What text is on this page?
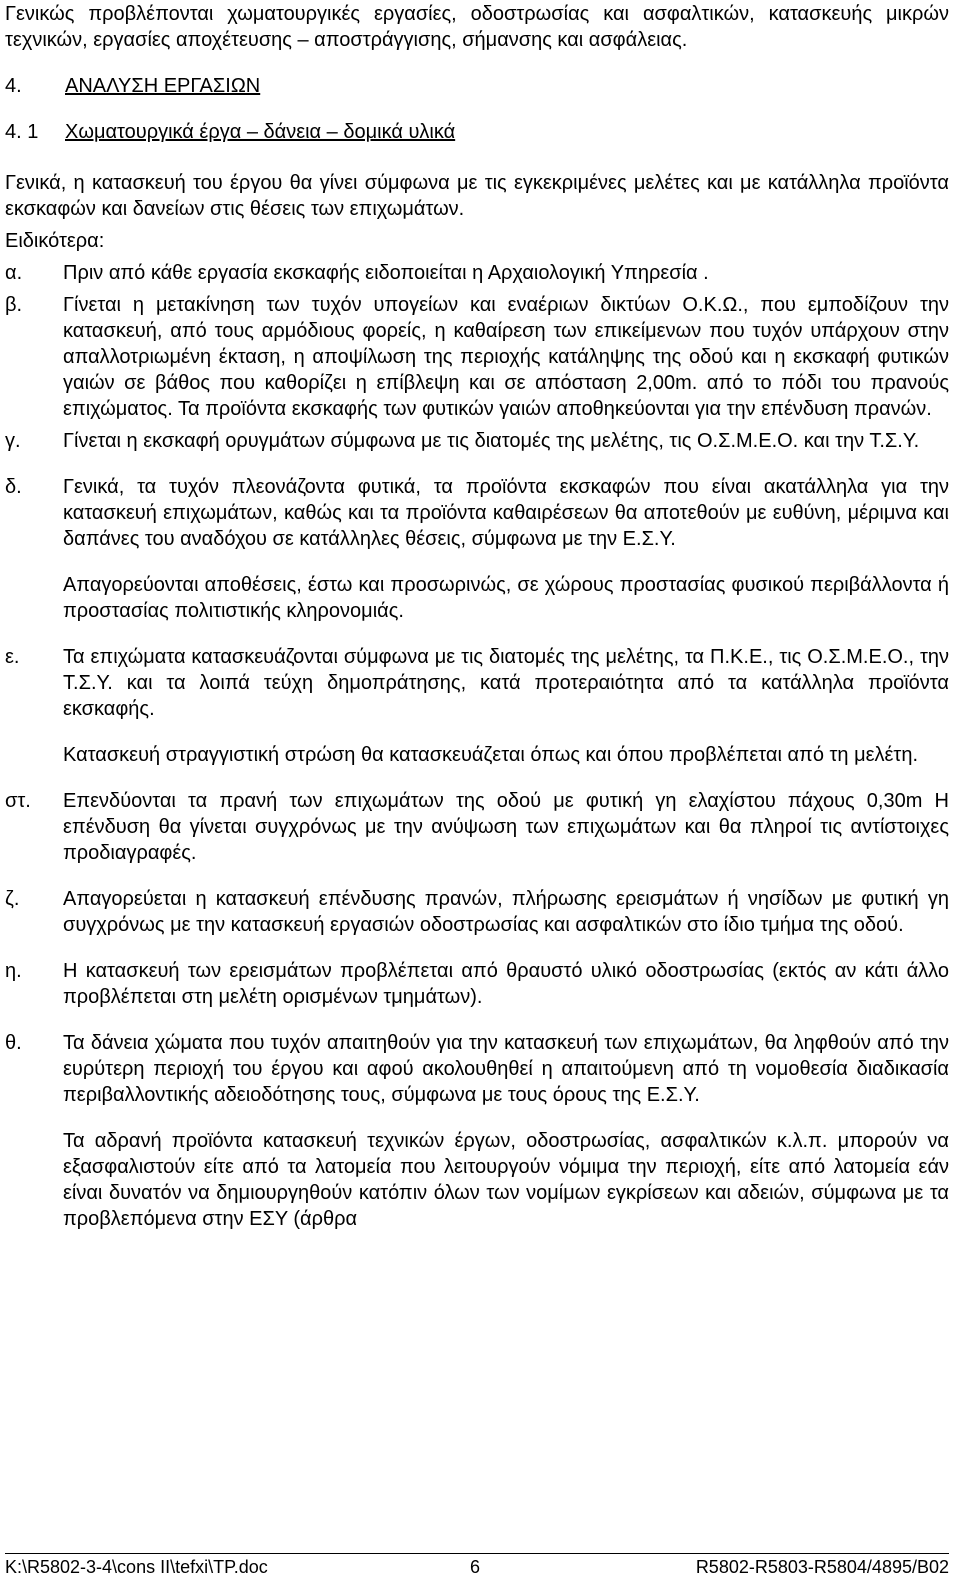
Γενικώς προβλέπονται χωματουργικές εργασίες, οδοστρωσίας και ασφαλτικών, κατασκευής μικρών τεχνικών, εργασίες αποχέτευσης – αποστράγγισης, σήμανσης και ασφάλειας.

4.	ΑΝΑΛΥΣΗ ΕΡΓΑΣΙΩΝ
4. 1	Χωματουργικά έργα – δάνεια – δομικά υλικά

Γενικά, η κατασκευή του έργου θα γίνει σύμφωνα με τις εγκεκριμένες μελέτες και με κατάλληλα προϊόντα εκσκαφών και δανείων στις θέσεις των επιχωμάτων.

Ειδικότερα:

α.	Πριν από κάθε εργασία εκσκαφής ειδοποιείται η Αρχαιολογική Υπηρεσία .
β.	Γίνεται η μετακίνηση των τυχόν υπογείων και εναέριων δικτύων Ο.Κ.Ω., που εμποδίζουν την κατασκευή, από τους αρμόδιους φορείς, η καθαίρεση των επικείμενων που τυχόν υπάρχουν στην απαλλοτριωμένη έκταση, η αποψίλωση της περιοχής κατάληψης της οδού και η εκσκαφή φυτικών γαιών σε βάθος που καθορίζει η επίβλεψη και σε απόσταση 2,00m. από το πόδι του πρανούς επιχώματος. Τα προϊόντα εκσκαφής των φυτικών γαιών αποθηκεύονται για την επένδυση πρανών.
γ.	Γίνεται η εκσκαφή ορυγμάτων σύμφωνα με τις διατομές της μελέτης, τις Ο.Σ.Μ.Ε.Ο. και την Τ.Σ.Υ.
δ.	Γενικά, τα τυχόν πλεονάζοντα φυτικά, τα προϊόντα εκσκαφών που είναι ακατάλληλα για την κατασκευή επιχωμάτων, καθώς και τα προϊόντα καθαιρέσεων θα αποτεθούν με ευθύνη, μέριμνα και δαπάνες του αναδόχου σε κατάλληλες θέσεις, σύμφωνα με την Ε.Σ.Υ.

Απαγορεύονται αποθέσεις, έστω και προσωρινώς, σε χώρους προστασίας φυσικού περιβάλλοντα ή προστασίας πολιτιστικής κληρονομιάς.

ε.	Τα επιχώματα κατασκευάζονται σύμφωνα με τις διατομές της μελέτης, τα Π.Κ.Ε., τις Ο.Σ.Μ.Ε.Ο., την Τ.Σ.Υ. και τα λοιπά τεύχη δημοπράτησης, κατά προτεραιότητα από τα κατάλληλα προϊόντα εκσκαφής.

Κατασκευή στραγγιστική στρώση θα κατασκευάζεται όπως και όπου προβλέπεται από τη μελέτη.

στ.	Επενδύονται τα πρανή των επιχωμάτων της οδού με φυτική γη ελαχίστου πάχους 0,30m Η επένδυση θα γίνεται συγχρόνως με την ανύψωση των επιχωμάτων και θα πληροί τις αντίστοιχες προδιαγραφές.
ζ.	Απαγορεύεται η κατασκευή επένδυσης πρανών, πλήρωσης ερεισμάτων ή νησίδων με φυτική γη συγχρόνως με την κατασκευή εργασιών οδοστρωσίας και ασφαλτικών στο ίδιο τμήμα της οδού.
η.	Η κατασκευή των ερεισμάτων προβλέπεται από θραυστό υλικό οδοστρωσίας (εκτός αν κάτι άλλο προβλέπεται στη μελέτη ορισμένων τμημάτων).
θ.	Τα δάνεια χώματα που τυχόν απαιτηθούν για την κατασκευή των επιχωμάτων, θα ληφθούν από την ευρύτερη περιοχή του έργου και αφού ακολουθηθεί η απαιτούμενη από τη νομοθεσία διαδικασία περιβαλλοντικής αδειοδότησης τους, σύμφωνα με τους όρους της Ε.Σ.Υ.

Τα αδρανή προϊόντα κατασκευή τεχνικών έργων, οδοστρωσίας, ασφαλτικών κ.λ.π. μπορούν να εξασφαλιστούν είτε από τα λατομεία που λειτουργούν νόμιμα την περιοχή, είτε από λατομεία εάν είναι δυνατόν να δημιουργηθούν κατόπιν όλων των νομίμων εγκρίσεων και αδειών, σύμφωνα με τα προβλεπόμενα στην ΕΣΥ (άρθρα

K:\R5802-3-4\cons II\tefxi\TP.doc	6	R5802-R5803-R5804/4895/B02
